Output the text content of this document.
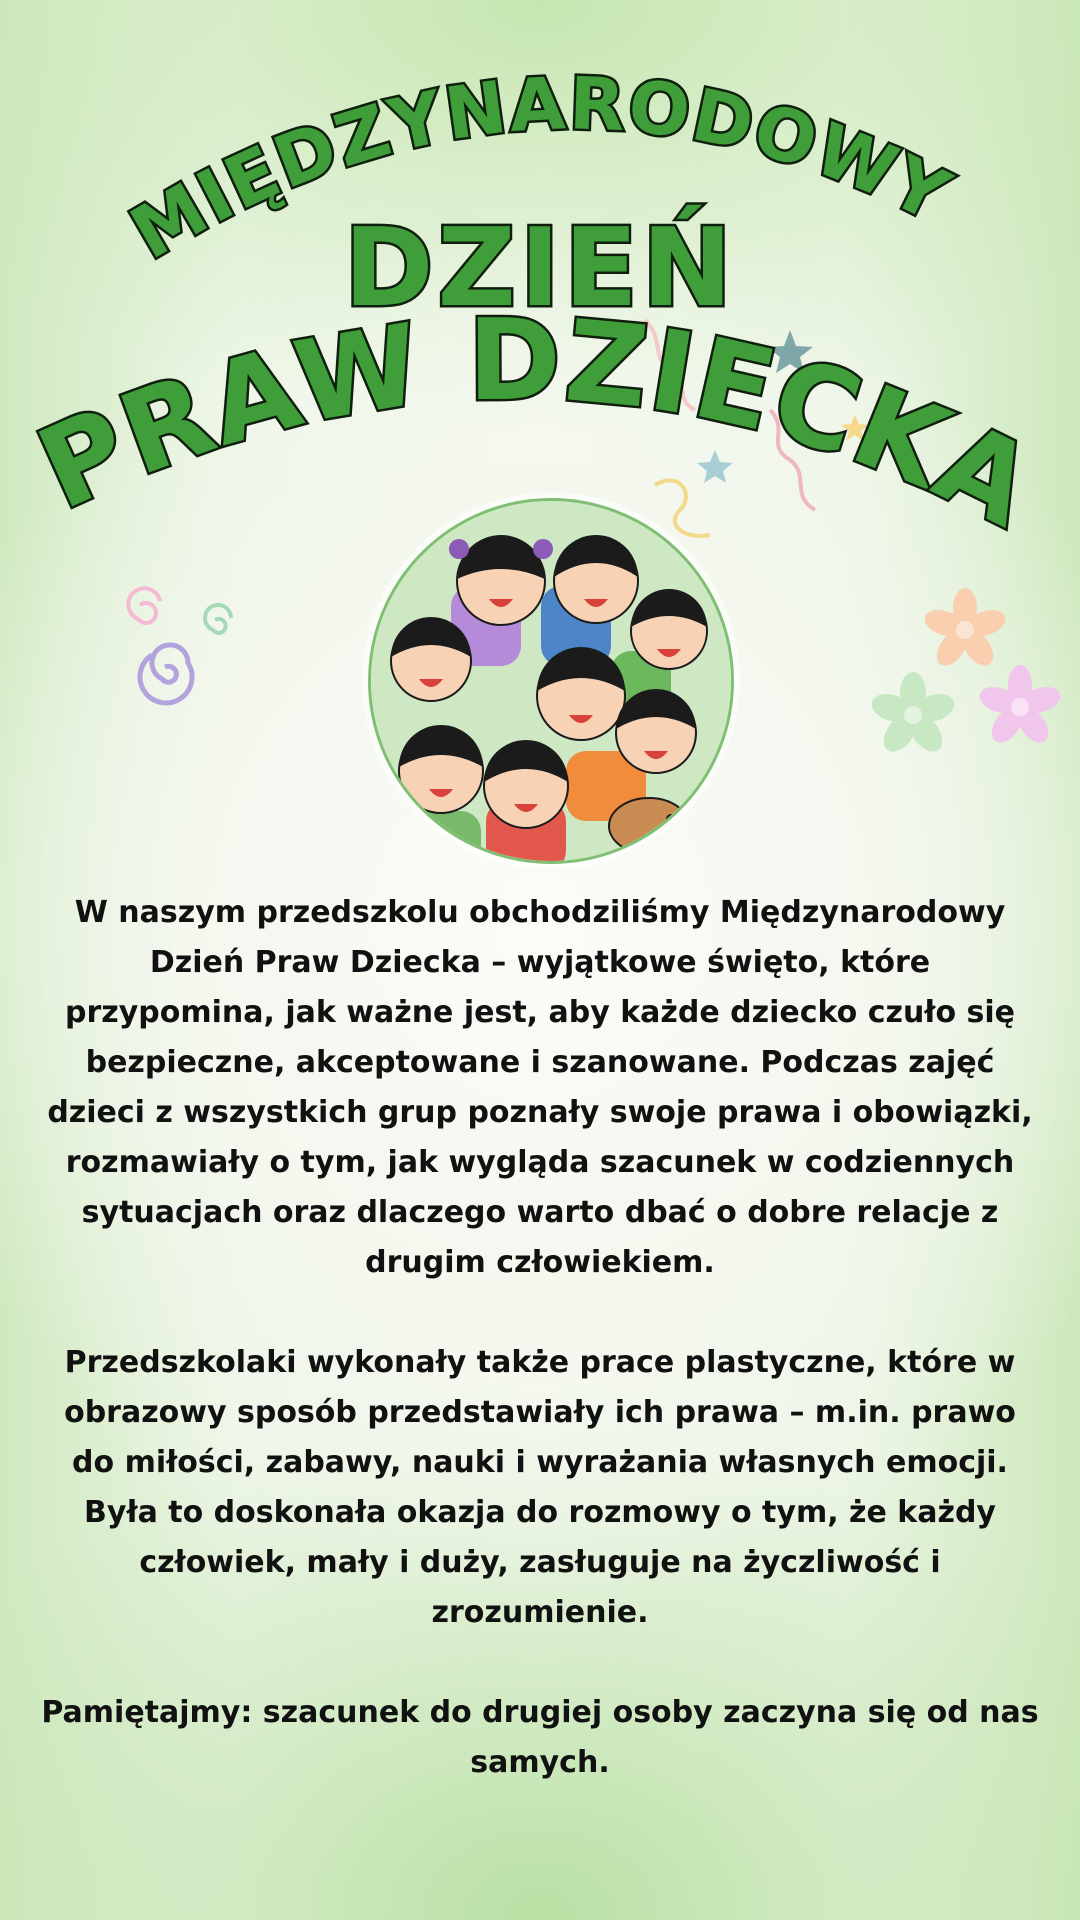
MIĘDZYNARODOWY
DZIEŃ
PRAW DZIECKA

W naszym przedszkolu obchodziliśmy Międzynarodowy Dzień Praw Dziecka – wyjątkowe święto, które przypomina, jak ważne jest, aby każde dziecko czuło się bezpieczne, akceptowane i szanowane. Podczas zajęć dzieci z wszystkich grup poznały swoje prawa i obowiązki, rozmawiały o tym, jak wygląda szacunek w codziennych sytuacjach oraz dlaczego warto dbać o dobre relacje z drugim człowiekiem.

Przedszkolaki wykonały także prace plastyczne, które w obrazowy sposób przedstawiały ich prawa – m.in. prawo do miłości, zabawy, nauki i wyrażania własnych emocji. Była to doskonała okazja do rozmowy o tym, że każdy człowiek, mały i duży, zasługuje na życzliwość i zrozumienie.

Pamiętajmy: szacunek do drugiej osoby zaczyna się od nas samych.
